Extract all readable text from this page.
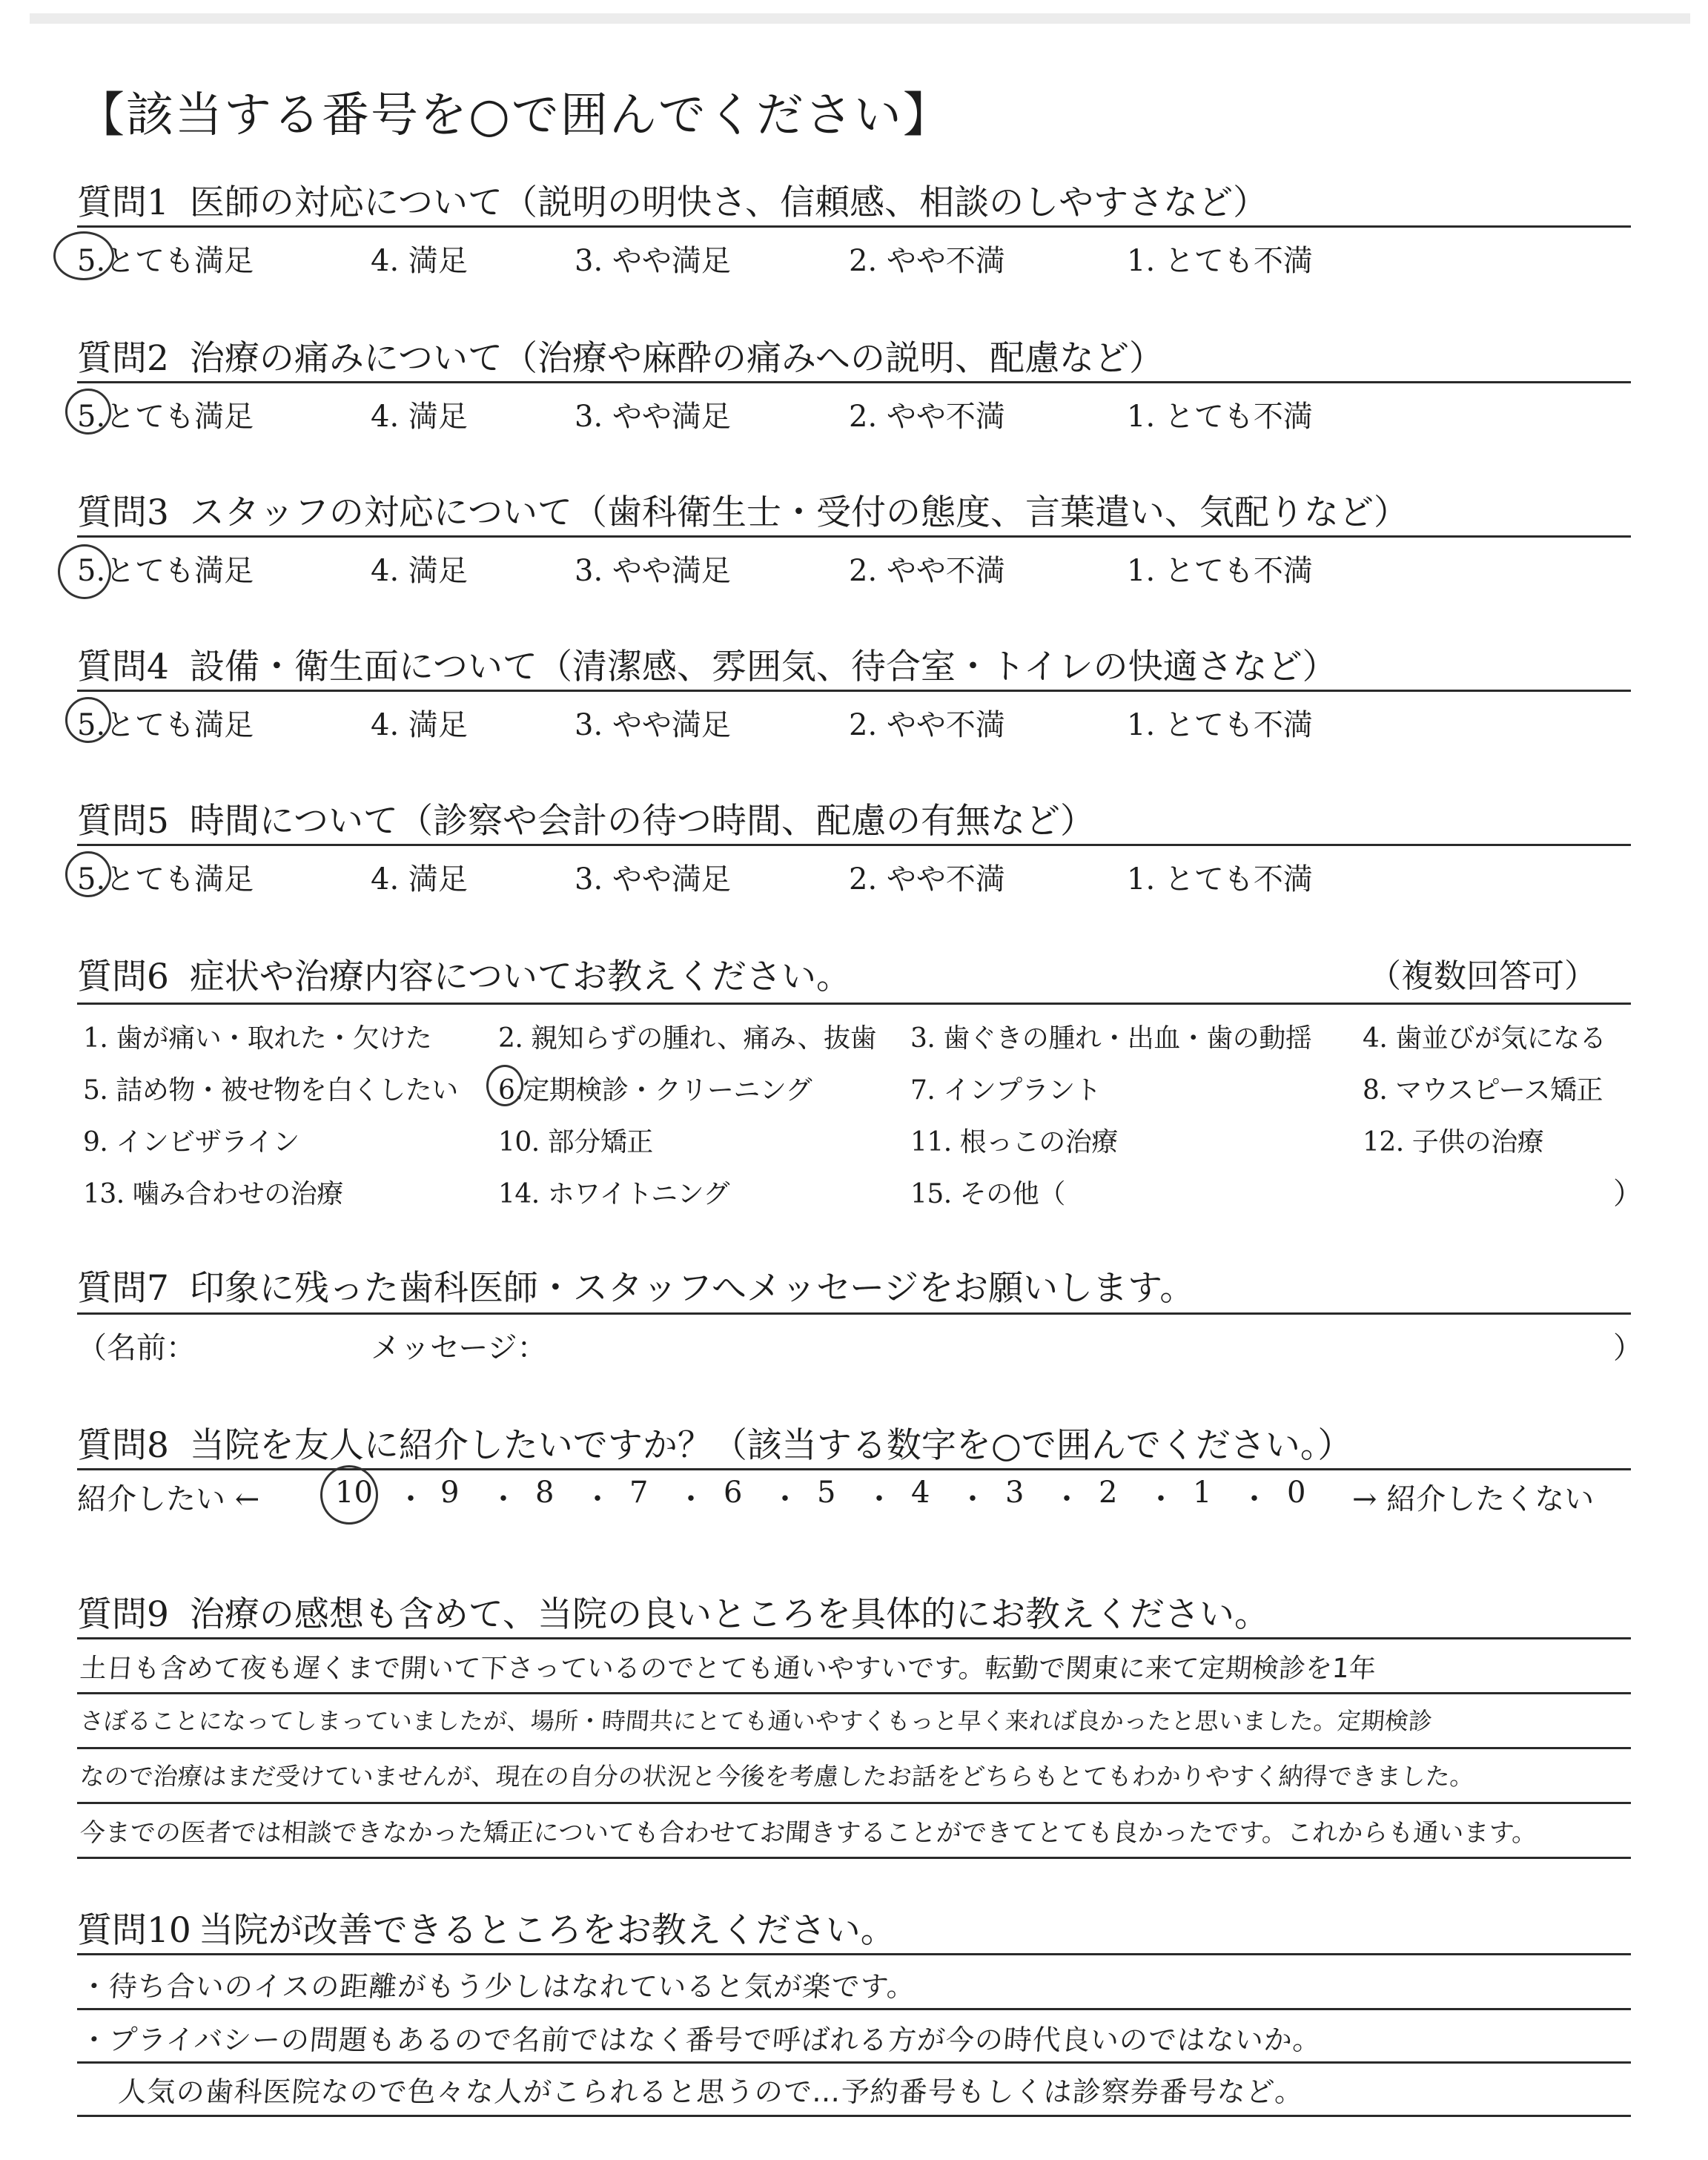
【該当する番号を○で囲んでください】
質問1 医師の対応について（説明の明快さ、信頼感、相談のしやすさなど）
5.とても満足	4. 満足	3. やや満足	2. やや不満	1. とても不満
質問2 治療の痛みについて（治療や麻酔の痛みへの説明、配慮など）
5.とても満足	4. 満足	3. やや満足	2. やや不満	1. とても不満
質問3 スタッフの対応について（歯科衛生士・受付の態度、言葉遣い、気配りなど）
5.とても満足	4. 満足	3. やや満足	2. やや不満	1. とても不満
質問4 設備・衛生面について（清潔感、雰囲気、待合室・トイレの快適さなど）
5.とても満足	4. 満足	3. やや満足	2. やや不満	1. とても不満
質問5 時間について（診察や会計の待つ時間、配慮の有無など）
5.とても満足	4. 満足	3. やや満足	2. やや不満	1. とても不満
質問6 症状や治療内容についてお教えください。	（複数回答可）
1. 歯が痛い・取れた・欠けた 2. 親知らずの腫れ、痛み、抜歯 3. 歯ぐきの腫れ・出血・歯の動揺 4. 歯並びが気になる
5. 詰め物・被せ物を白くしたい 6.定期検診・クリーニング	7. インプラント	8. マウスピース矯正
9. インビザライン	10. 部分矯正	11. 根っこの治療	12. 子供の治療
13. 噛み合わせの治療	14. ホワイトニング	15. その他（	）
質問7 印象に残った歯科医師・スタッフへメッセージをお願いします。
（名前：	メッセージ：	）
質問8 当院を友人に紹介したいですか？（該当する数字を○で囲んでください。）
紹介したい ←	10 ・ 9 ・ 8 ・ 7 ・ 6 ・ 5 ・ 4 ・ 3 ・ 2 ・ 1 ・ 0 → 紹介したくない
質問9 治療の感想も含めて、当院の良いところを具体的にお教えください。
土日も含めて夜も遅くまで開いて下さっているのでとても通いやすいです。転勤で関東に来て定期検診を1年
さぼることになってしまっていましたが、場所・時間共にとても通いやすくもっと早く来れば良かったと思いました。定期検診
なので治療はまだ受けていませんが、現在の自分の状況と今後を考慮したお話をどちらもとてもわかりやすく納得できました。
今までの医者では相談できなかった矯正についても合わせてお聞きすることができてとても良かったです。これからも通います。
質問10 当院が改善できるところをお教えください。
・待ち合いのイスの距離がもう少しはなれていると気が楽です。
・プライバシーの問題もあるので名前ではなく番号で呼ばれる方が今の時代良いのではないか。
人気の歯科医院なので色々な人がこられると思うので…予約番号もしくは診察券番号など。
